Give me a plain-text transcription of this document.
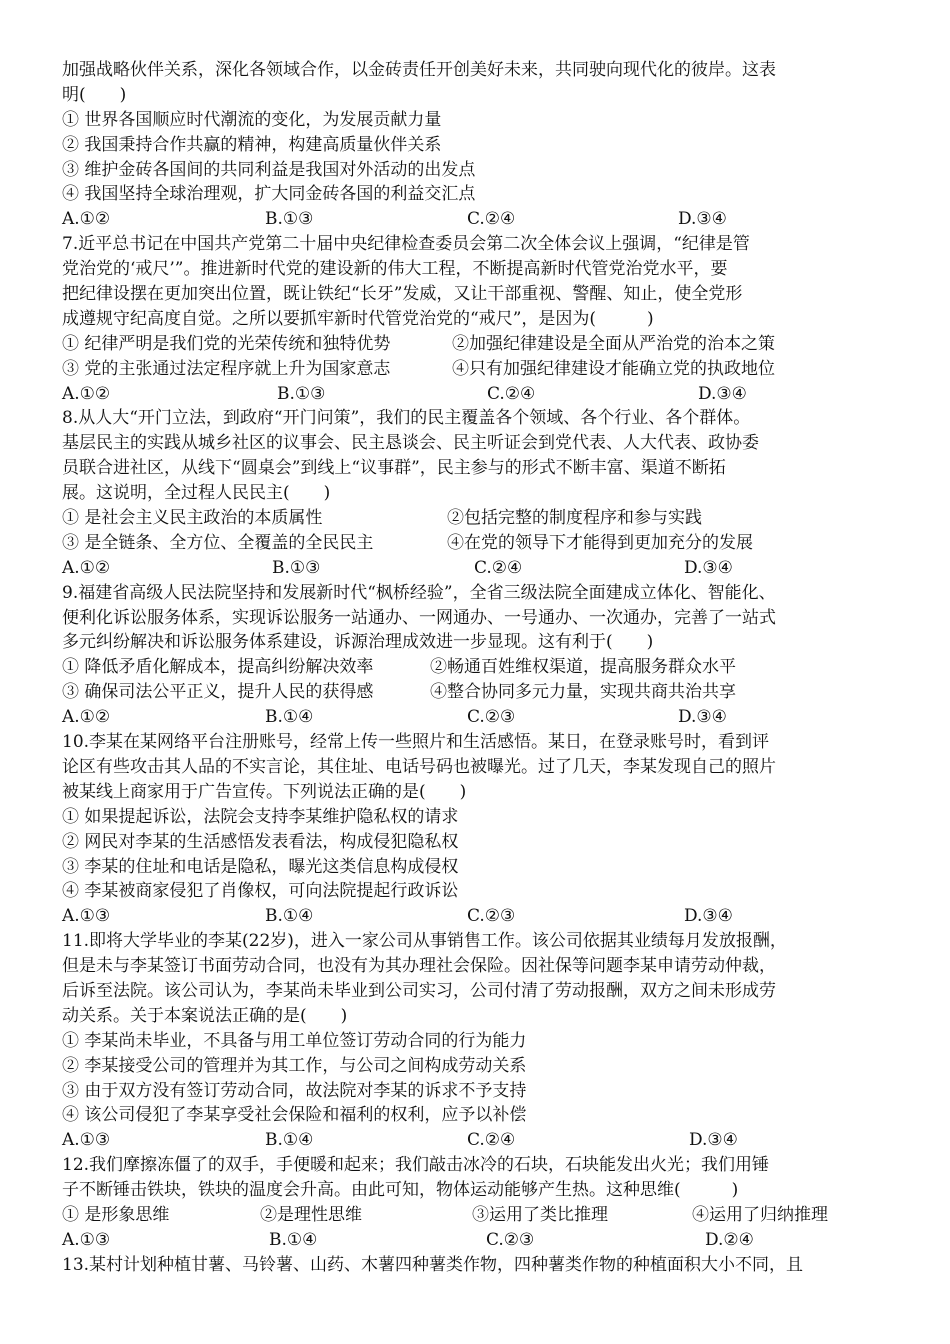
加强战略伙伴关系，深化各领域合作，以金砖责任开创美好未来，共同驶向现代化的彼岸。这表
明(　　)
① 世界各国顺应时代潮流的变化，为发展贡献力量
② 我国秉持合作共赢的精神，构建高质量伙伴关系
③ 维护金砖各国间的共同利益是我国对外活动的出发点
④ 我国坚持全球治理观，扩大同金砖各国的利益交汇点
A.①②	B.①③	C.②④	D.③④
7.近平总书记在中国共产党第二十届中央纪律检查委员会第二次全体会议上强调，“纪律是管
党治党的‘戒尺’”。推进新时代党的建设新的伟大工程，不断提高新时代管党治党水平，要
把纪律设摆在更加突出位置，既让铁纪“长牙”发威，又让干部重视、警醒、知止，使全党形
成遵规守纪高度自觉。之所以要抓牢新时代管党治党的“戒尺”，是因为(　　　)
① 纪律严明是我们党的光荣传统和独特优势	②加强纪律建设是全面从严治党的治本之策
③ 党的主张通过法定程序就上升为国家意志	④只有加强纪律建设才能确立党的执政地位
A.①②	B.①③	C.②④	D.③④
8.从人大“开门立法，到政府“开门问策”，我们的民主覆盖各个领域、各个行业、各个群体。
基层民主的实践从城乡社区的议事会、民主恳谈会、民主听证会到党代表、人大代表、政协委
员联合进社区，从线下“圆桌会”到线上“议事群”，民主参与的形式不断丰富、渠道不断拓
展。这说明，全过程人民民主(　　)
① 是社会主义民主政治的本质属性	②包括完整的制度程序和参与实践
③ 是全链条、全方位、全覆盖的全民民主	④在党的领导下才能得到更加充分的发展
A.①②	B.①③	C.②④	D.③④
9.福建省高级人民法院坚持和发展新时代“枫桥经验”，全省三级法院全面建成立体化、智能化、
便利化诉讼服务体系，实现诉讼服务一站通办、一网通办、一号通办、一次通办，完善了一站式
多元纠纷解决和诉讼服务体系建设，诉源治理成效进一步显现。这有利于(　　)
① 降低矛盾化解成本，提高纠纷解决效率	②畅通百姓维权渠道，提高服务群众水平
③ 确保司法公平正义，提升人民的获得感	④整合协同多元力量，实现共商共治共享
A.①②	B.①④	C.②③	D.③④
10.李某在某网络平台注册账号，经常上传一些照片和生活感悟。某日，在登录账号时，看到评
论区有些攻击其人品的不实言论，其住址、电话号码也被曝光。过了几天，李某发现自己的照片
被某线上商家用于广告宣传。下列说法正确的是(　　)
① 如果提起诉讼，法院会支持李某维护隐私权的请求
② 网民对李某的生活感悟发表看法，构成侵犯隐私权
③ 李某的住址和电话是隐私，曝光这类信息构成侵权
④ 李某被商家侵犯了肖像权，可向法院提起行政诉讼
A.①③	B.①④	C.②③	D.③④
11.即将大学毕业的李某(22岁)，进入一家公司从事销售工作。该公司依据其业绩每月发放报酬，
但是未与李某签订书面劳动合同，也没有为其办理社会保险。因社保等问题李某申请劳动仲裁，
后诉至法院。该公司认为，李某尚未毕业到公司实习，公司付清了劳动报酬，双方之间未形成劳
动关系。关于本案说法正确的是(　　)
① 李某尚未毕业，不具备与用工单位签订劳动合同的行为能力
② 李某接受公司的管理并为其工作，与公司之间构成劳动关系
③ 由于双方没有签订劳动合同，故法院对李某的诉求不予支持
④ 该公司侵犯了李某享受社会保险和福利的权利，应予以补偿
A.①③	B.①④	C.②④	D.③④
12.我们摩擦冻僵了的双手，手便暖和起来；我们敲击冰冷的石块，石块能发出火光；我们用锤
子不断锤击铁块，铁块的温度会升高。由此可知，物体运动能够产生热。这种思维(　　　)
① 是形象思维	②是理性思维	③运用了类比推理	④运用了归纳推理
A.①③	B.①④	C.②③	D.②④
13.某村计划种植甘薯、马铃薯、山药、木薯四种薯类作物，四种薯类作物的种植面积大小不同，且
